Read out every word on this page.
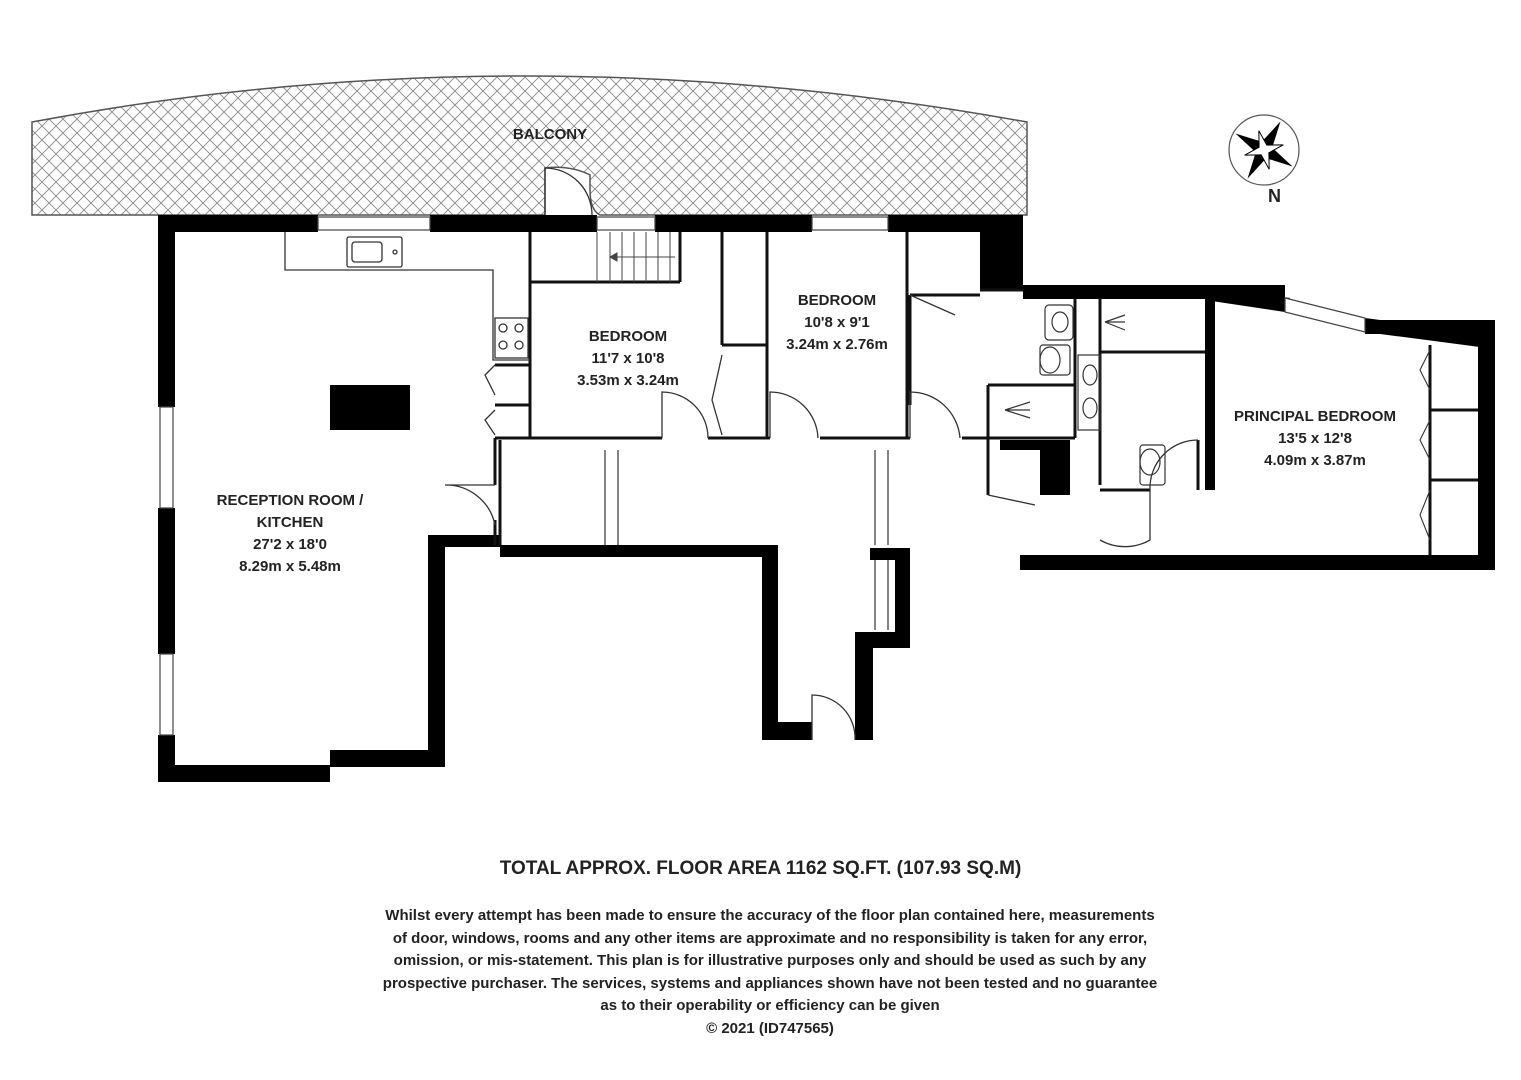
BALCONY
BEDROOM
11'7 x 10'8
3.53m x 3.24m
BEDROOM
10'8 x 9'1
3.24m x 2.76m
PRINCIPAL BEDROOM
13'5 x 12'8
4.09m x 3.87m
RECEPTION ROOM /
KITCHEN
27'2 x 18'0
8.29m x 5.48m
N
TOTAL APPROX. FLOOR AREA 1162 SQ.FT. (107.93 SQ.M)
Whilst every attempt has been made to ensure the accuracy of the floor plan contained here, measurements
of door, windows, rooms and any other items are approximate and no responsibility is taken for any error,
omission, or mis-statement. This plan is for illustrative purposes only and should be used as such by any
prospective purchaser. The services, systems and appliances shown have not been tested and no guarantee
as to their operability or efficiency can be given
© 2021 (ID747565)
